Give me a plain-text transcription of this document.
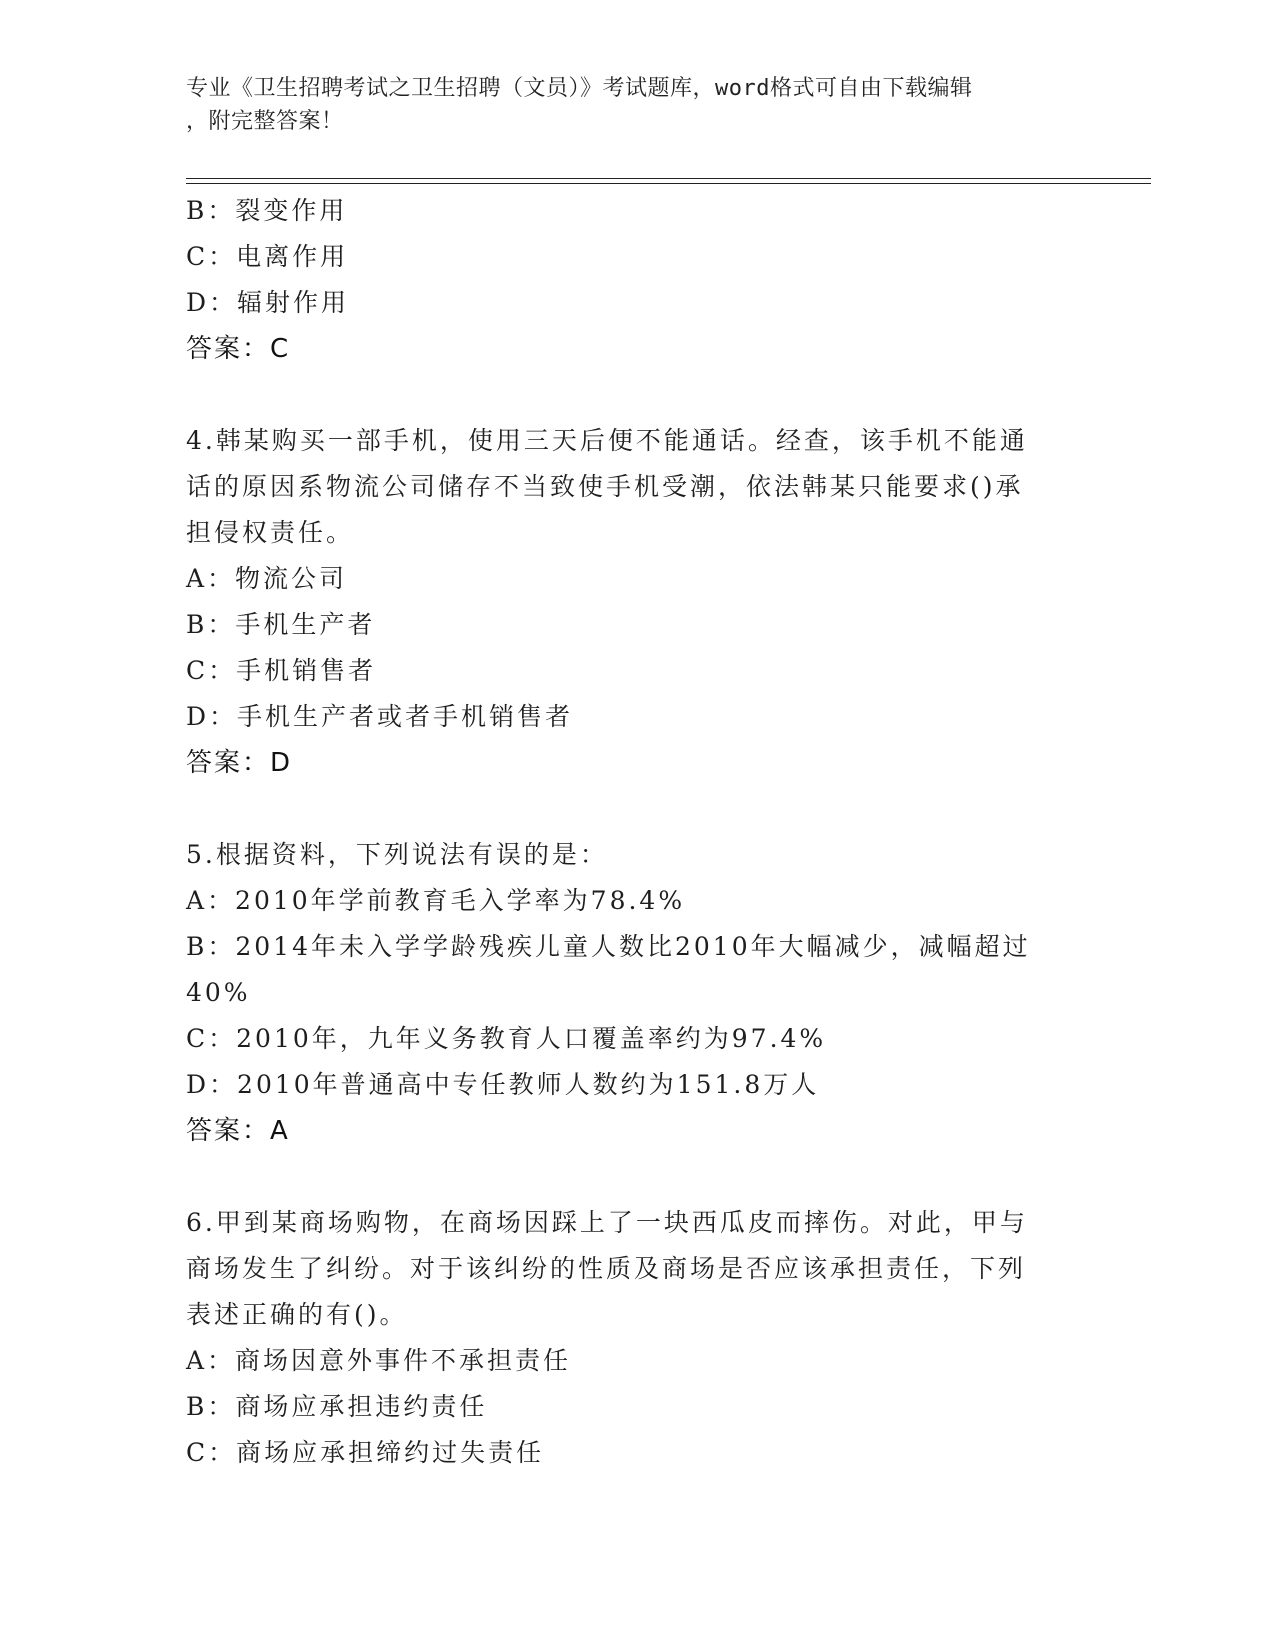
专业《卫生招聘考试之卫生招聘（文员）》考试题库，word格式可自由下载编辑
，附完整答案！
B：裂变作用
C：电离作用
D：辐射作用
答案：C
4.韩某购买一部手机，使用三天后便不能通话。经查，该手机不能通
话的原因系物流公司储存不当致使手机受潮，依法韩某只能要求()承
担侵权责任。
A：物流公司
B：手机生产者
C：手机销售者
D：手机生产者或者手机销售者
答案：D
5.根据资料，下列说法有误的是：
A：2010年学前教育毛入学率为78.4%
B：2014年未入学学龄残疾儿童人数比2010年大幅减少，减幅超过
40%
C：2010年，九年义务教育人口覆盖率约为97.4%
D：2010年普通高中专任教师人数约为151.8万人
答案：A
6.甲到某商场购物，在商场因踩上了一块西瓜皮而摔伤。对此，甲与
商场发生了纠纷。对于该纠纷的性质及商场是否应该承担责任，下列
表述正确的有()。
A：商场因意外事件不承担责任
B：商场应承担违约责任
C：商场应承担缔约过失责任
